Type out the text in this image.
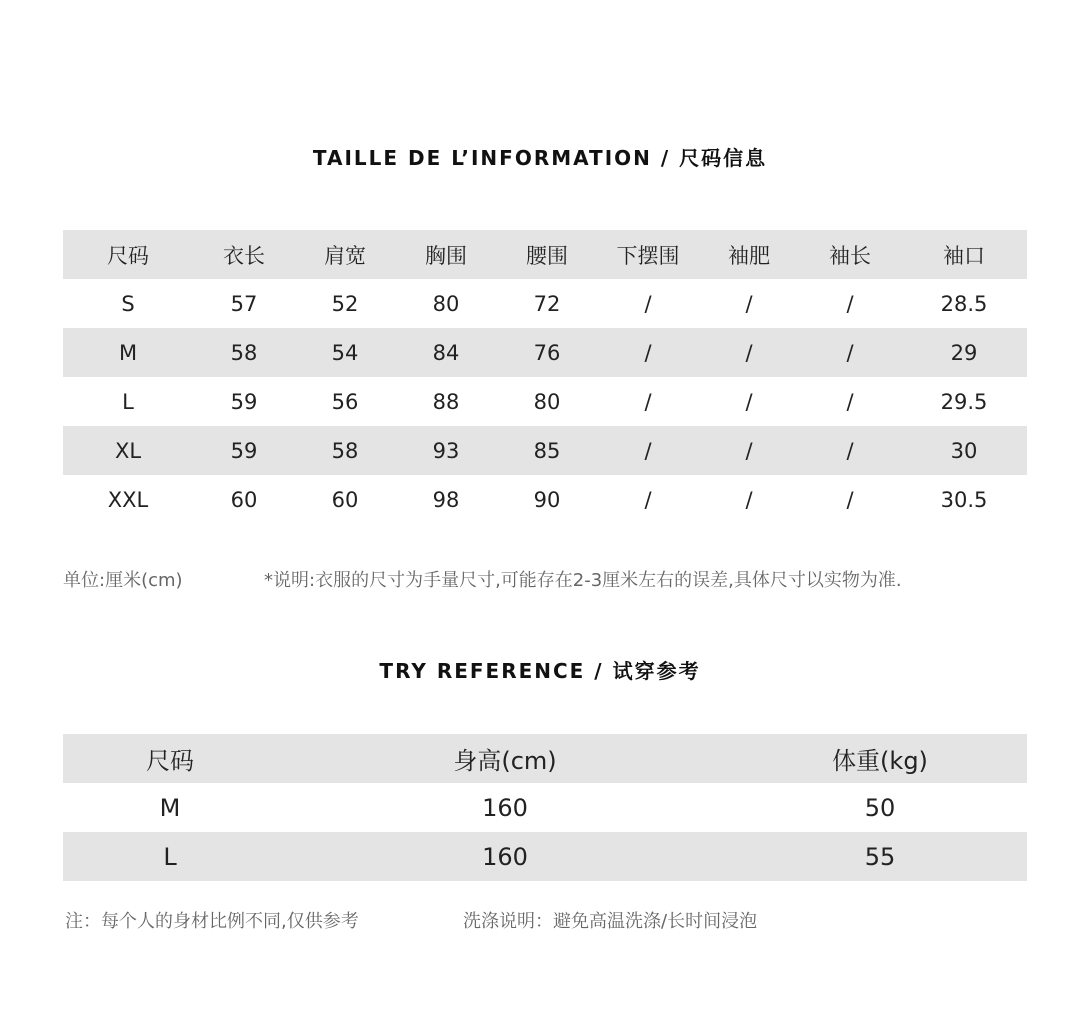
TAILLE DE L’INFORMATION / 尺码信息
尺码	衣长	肩宽	胸围	腰围	下摆围	袖肥	袖长	袖口
S	57	52	80	72	/	/	/	28.5
M	58	54	84	76	/	/	/	29
L	59	56	88	80	/	/	/	29.5
XL	59	58	93	85	/	/	/	30
XXL	60	60	98	90	/	/	/	30.5
单位:厘米(cm)	*说明:衣服的尺寸为手量尺寸,可能存在2-3厘米左右的误差,具体尺寸以实物为准.
TRY REFERENCE / 试穿参考
尺码	身高(cm)	体重(kg)
M	160	50
L	160	55
注：每个人的身材比例不同,仅供参考	洗涤说明：避免高温洗涤/长时间浸泡
